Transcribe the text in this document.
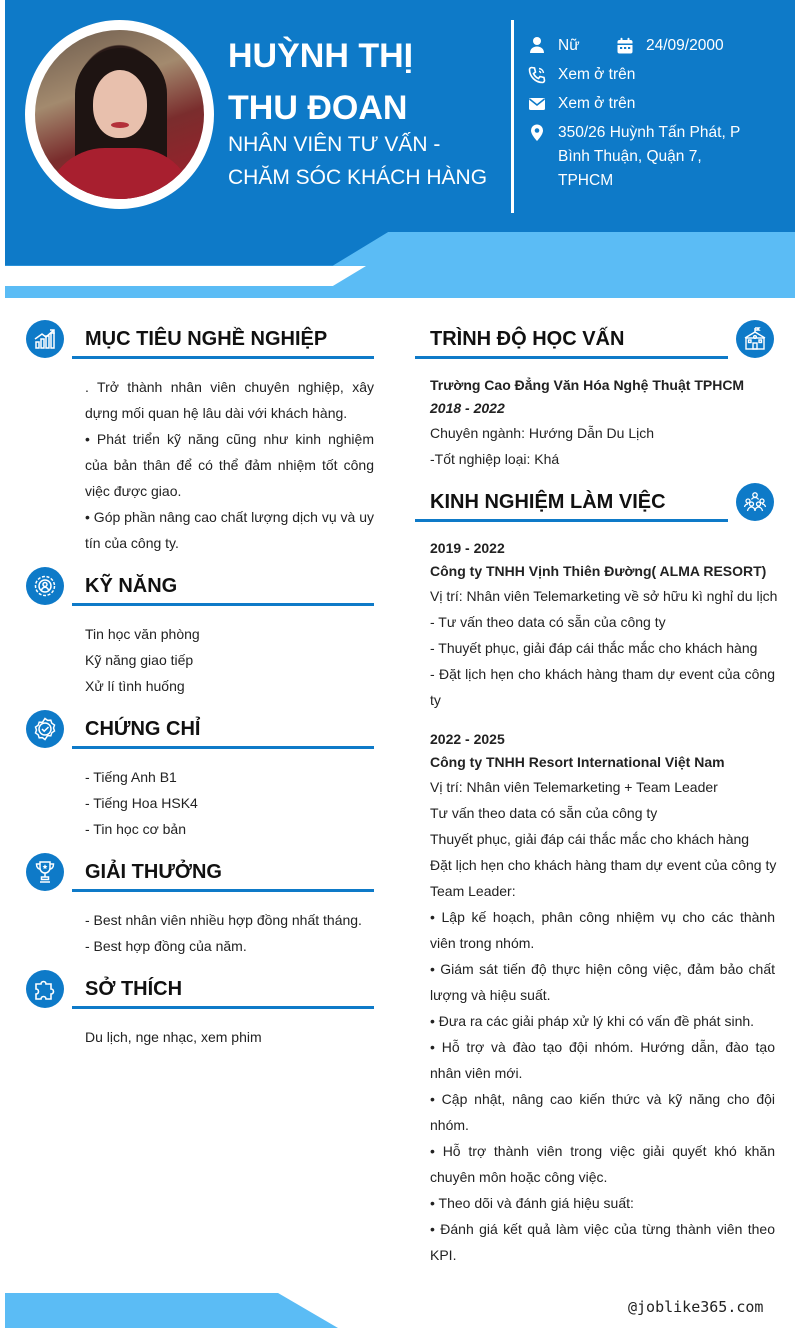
HUỲNH THỊ
THU ĐOAN
NHÂN VIÊN TƯ VẤN -
CHĂM SÓC KHÁCH HÀNG
Nữ	24/09/2000
Xem ở trên
Xem ở trên
350/26 Huỳnh Tấn Phát, P
Bình Thuận, Quận 7,
TPHCM
MỤC TIÊU NGHỀ NGHIỆP
. Trở thành nhân viên chuyên nghiệp, xây dựng mối quan hệ lâu dài với khách hàng.
• Phát triển kỹ năng cũng như kinh nghiệm của bản thân để có thể đảm nhiệm tốt công việc được giao.
• Góp phần nâng cao chất lượng dịch vụ và uy tín của công ty.
KỸ NĂNG
Tin học văn phòng
Kỹ năng giao tiếp
Xử lí tình huống
CHỨNG CHỈ
- Tiếng Anh B1
- Tiếng Hoa HSK4
- Tin học cơ bản
GIẢI THƯỞNG
- Best nhân viên nhiều hợp đồng nhất tháng.
- Best hợp đồng của năm.
SỞ THÍCH
Du lịch, nge nhạc, xem phim
TRÌNH ĐỘ HỌC VẤN
Trường Cao Đẳng Văn Hóa Nghệ Thuật TPHCM
2018 - 2022
Chuyên ngành: Hướng Dẫn Du Lịch
-Tốt nghiệp loại: Khá
KINH NGHIỆM LÀM VIỆC
2019 - 2022
Công ty TNHH Vịnh Thiên Đường( ALMA RESORT)
Vị trí: Nhân viên Telemarketing về sở hữu kì nghỉ du lịch
- Tư vấn theo data có sẵn của công ty
- Thuyết phục, giải đáp cái thắc mắc cho khách hàng
- Đặt lịch hẹn cho khách hàng tham dự event của công ty
2022 - 2025
Công ty TNHH Resort International Việt Nam
Vị trí: Nhân viên Telemarketing + Team Leader
Tư vấn theo data có sẵn của công ty
Thuyết phục, giải đáp cái thắc mắc cho khách hàng
Đặt lịch hẹn cho khách hàng tham dự event của công ty
Team Leader:
• Lập kế hoạch, phân công nhiệm vụ cho các thành viên trong nhóm.
• Giám sát tiến độ thực hiện công việc, đảm bảo chất lượng và hiệu suất.
• Đưa ra các giải pháp xử lý khi có vấn đề phát sinh.
• Hỗ trợ và đào tạo đội nhóm. Hướng dẫn, đào tạo nhân viên mới.
• Cập nhật, nâng cao kiến thức và kỹ năng cho đội nhóm.
• Hỗ trợ thành viên trong việc giải quyết khó khăn chuyên môn hoặc công việc.
• Theo dõi và đánh giá hiệu suất:
• Đánh giá kết quả làm việc của từng thành viên theo KPI.
@joblike365.com
